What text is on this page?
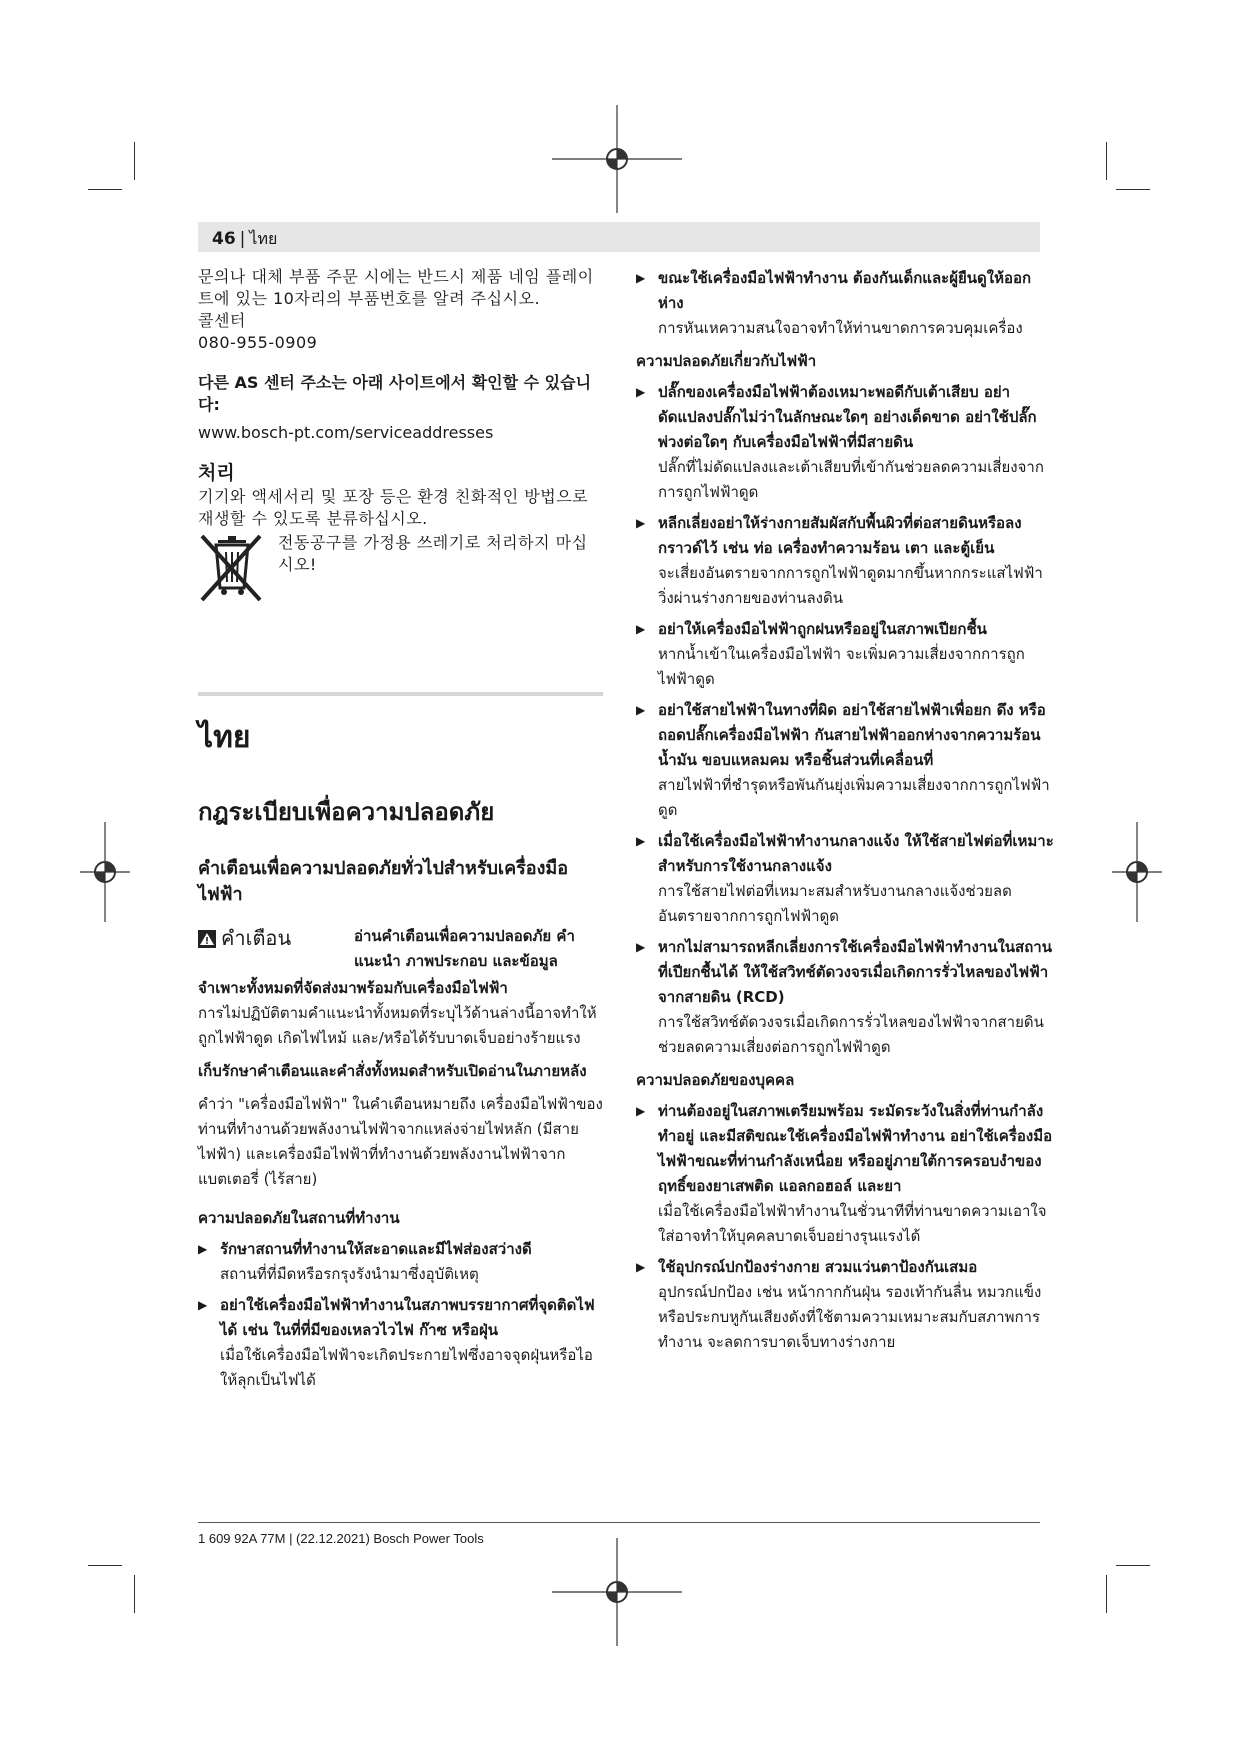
46 | ไทย

문의나 대체 부품 주문 시에는 반드시 제품 네임 플레이트에 있는 10자리의 부품번호를 알려 주십시오.

콜센터

080-955-0909

다른 AS 센터 주소는 아래 사이트에서 확인할 수 있습니다:

www.bosch-pt.com/serviceaddresses

처리

기기와 액세서리 및 포장 등은 환경 친화적인 방법으로 재생할 수 있도록 분류하십시오.

전동공구를 가정용 쓰레기로 처리하지 마십시오!

ไทย

กฎระเบียบเพื่อความปลอดภัย

คำเตือนเพื่อความปลอดภัยทั่วไปสำหรับเครื่องมือไฟฟ้า

คำเตือน	อ่านคำเตือนเพื่อความปลอดภัย คำแนะนำ ภาพประกอบ และข้อมูล

จำเพาะทั้งหมดที่จัดส่งมาพร้อมกับเครื่องมือไฟฟ้า

การไม่ปฏิบัติตามคำแนะนำทั้งหมดที่ระบุไว้ด้านล่างนี้อาจทำให้ถูกไฟฟ้าดูด เกิดไฟไหม้ และ/หรือได้รับบาดเจ็บอย่างร้ายแรง

เก็บรักษาคำเตือนและคำสั่งทั้งหมดสำหรับเปิดอ่านในภายหลัง

คำว่า "เครื่องมือไฟฟ้า" ในคำเตือนหมายถึง เครื่องมือไฟฟ้าของท่านที่ทำงานด้วยพลังงานไฟฟ้าจากแหล่งจ่ายไฟหลัก (มีสายไฟฟ้า) และเครื่องมือไฟฟ้าที่ทำงานด้วยพลังงานไฟฟ้าจากแบตเตอรี่ (ไร้สาย)

ความปลอดภัยในสถานที่ทำงาน

▶ รักษาสถานที่ทำงานให้สะอาดและมีไฟส่องสว่างดี

สถานที่ที่มืดหรือรกรุงรังนำมาซึ่งอุบัติเหตุ

▶ อย่าใช้เครื่องมือไฟฟ้าทำงานในสภาพบรรยากาศที่จุดติดไฟได้ เช่น ในที่ที่มีของเหลวไวไฟ ก๊าซ หรือฝุ่น

เมื่อใช้เครื่องมือไฟฟ้าจะเกิดประกายไฟซึ่งอาจจุดฝุ่นหรือไอให้ลุกเป็นไฟได้

▶ ขณะใช้เครื่องมือไฟฟ้าทำงาน ต้องกันเด็กและผู้ยืนดูให้ออกห่าง

การหันเหความสนใจอาจทำให้ท่านขาดการควบคุมเครื่อง

ความปลอดภัยเกี่ยวกับไฟฟ้า

▶ ปลั๊กของเครื่องมือไฟฟ้าต้องเหมาะพอดีกับเต้าเสียบ อย่าดัดแปลงปลั๊กไม่ว่าในลักษณะใดๆ อย่างเด็ดขาด อย่าใช้ปลั๊กพ่วงต่อใดๆ กับเครื่องมือไฟฟ้าที่มีสายดิน

ปลั๊กที่ไม่ดัดแปลงและเต้าเสียบที่เข้ากันช่วยลดความเสี่ยงจากการถูกไฟฟ้าดูด

▶ หลีกเลี่ยงอย่าให้ร่างกายสัมผัสกับพื้นผิวที่ต่อสายดินหรือลงกราวด์ไว้ เช่น ท่อ เครื่องทำความร้อน เตา และตู้เย็น

จะเสี่ยงอันตรายจากการถูกไฟฟ้าดูดมากขึ้นหากกระแสไฟฟ้าวิ่งผ่านร่างกายของท่านลงดิน

▶ อย่าให้เครื่องมือไฟฟ้าถูกฝนหรืออยู่ในสภาพเปียกชื้น

หากน้ำเข้าในเครื่องมือไฟฟ้า จะเพิ่มความเสี่ยงจากการถูกไฟฟ้าดูด

▶ อย่าใช้สายไฟฟ้าในทางที่ผิด อย่าใช้สายไฟฟ้าเพื่อยก ดึง หรือถอดปลั๊กเครื่องมือไฟฟ้า กันสายไฟฟ้าออกห่างจากความร้อน น้ำมัน ขอบแหลมคม หรือชิ้นส่วนที่เคลื่อนที่

สายไฟฟ้าที่ชำรุดหรือพันกันยุ่งเพิ่มความเสี่ยงจากการถูกไฟฟ้าดูด

▶ เมื่อใช้เครื่องมือไฟฟ้าทำงานกลางแจ้ง ให้ใช้สายไฟต่อที่เหมาะสำหรับการใช้งานกลางแจ้ง

การใช้สายไฟต่อที่เหมาะสมสำหรับงานกลางแจ้งช่วยลดอันตรายจากการถูกไฟฟ้าดูด

▶ หากไม่สามารถหลีกเลี่ยงการใช้เครื่องมือไฟฟ้าทำงานในสถานที่เปียกชื้นได้ ให้ใช้สวิทช์ตัดวงจรเมื่อเกิดการรั่วไหลของไฟฟ้าจากสายดิน (RCD)

การใช้สวิทช์ตัดวงจรเมื่อเกิดการรั่วไหลของไฟฟ้าจากสายดินช่วยลดความเสี่ยงต่อการถูกไฟฟ้าดูด

ความปลอดภัยของบุคคล

▶ ท่านต้องอยู่ในสภาพเตรียมพร้อม ระมัดระวังในสิ่งที่ท่านกำลังทำอยู่ และมีสติขณะใช้เครื่องมือไฟฟ้าทำงาน อย่าใช้เครื่องมือไฟฟ้าขณะที่ท่านกำลังเหนื่อย หรืออยู่ภายใต้การครอบงำของฤทธิ์ของยาเสพติด แอลกอฮอล์ และยา

เมื่อใช้เครื่องมือไฟฟ้าทำงานในชั่วนาทีที่ท่านขาดความเอาใจใส่อาจทำให้บุคคลบาดเจ็บอย่างรุนแรงได้

▶ ใช้อุปกรณ์ปกป้องร่างกาย สวมแว่นตาป้องกันเสมอ

อุปกรณ์ปกป้อง เช่น หน้ากากกันฝุ่น รองเท้ากันลื่น หมวกแข็ง หรือประกบหูกันเสียงดังที่ใช้ตามความเหมาะสมกับสภาพการทำงาน จะลดการบาดเจ็บทางร่างกาย

1 609 92A 77M | (22.12.2021) Bosch Power Tools
